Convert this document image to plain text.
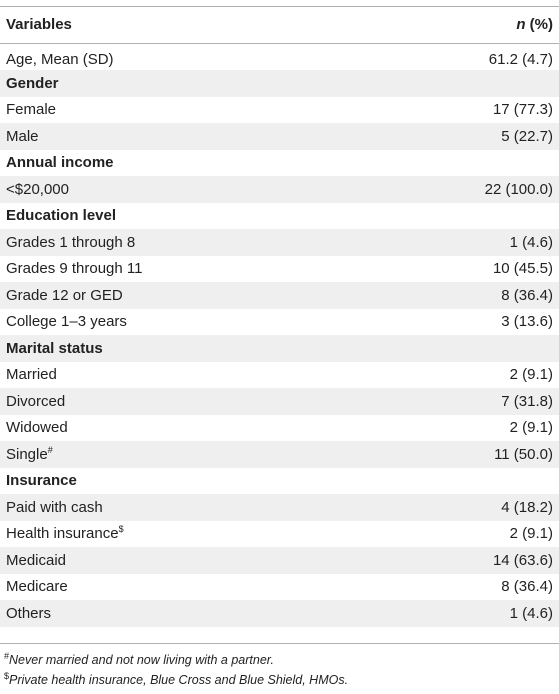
Variables	n (%)
Age, Mean (SD)	61.2 (4.7)
Gender	
Female	17 (77.3)
Male	5 (22.7)
Annual income	
<$20,000	22 (100.0)
Education level	
Grades 1 through 8	1 (4.6)
Grades 9 through 11	10 (45.5)
Grade 12 or GED	8 (36.4)
College 1–3 years	3 (13.6)
Marital status	
Married	2 (9.1)
Divorced	7 (31.8)
Widowed	2 (9.1)
Single#	11 (50.0)
Insurance	
Paid with cash	4 (18.2)
Health insurance$	2 (9.1)
Medicaid	14 (63.6)
Medicare	8 (36.4)
Others	1 (4.6)
#Never married and not now living with a partner.
$Private health insurance, Blue Cross and Blue Shield, HMOs.
